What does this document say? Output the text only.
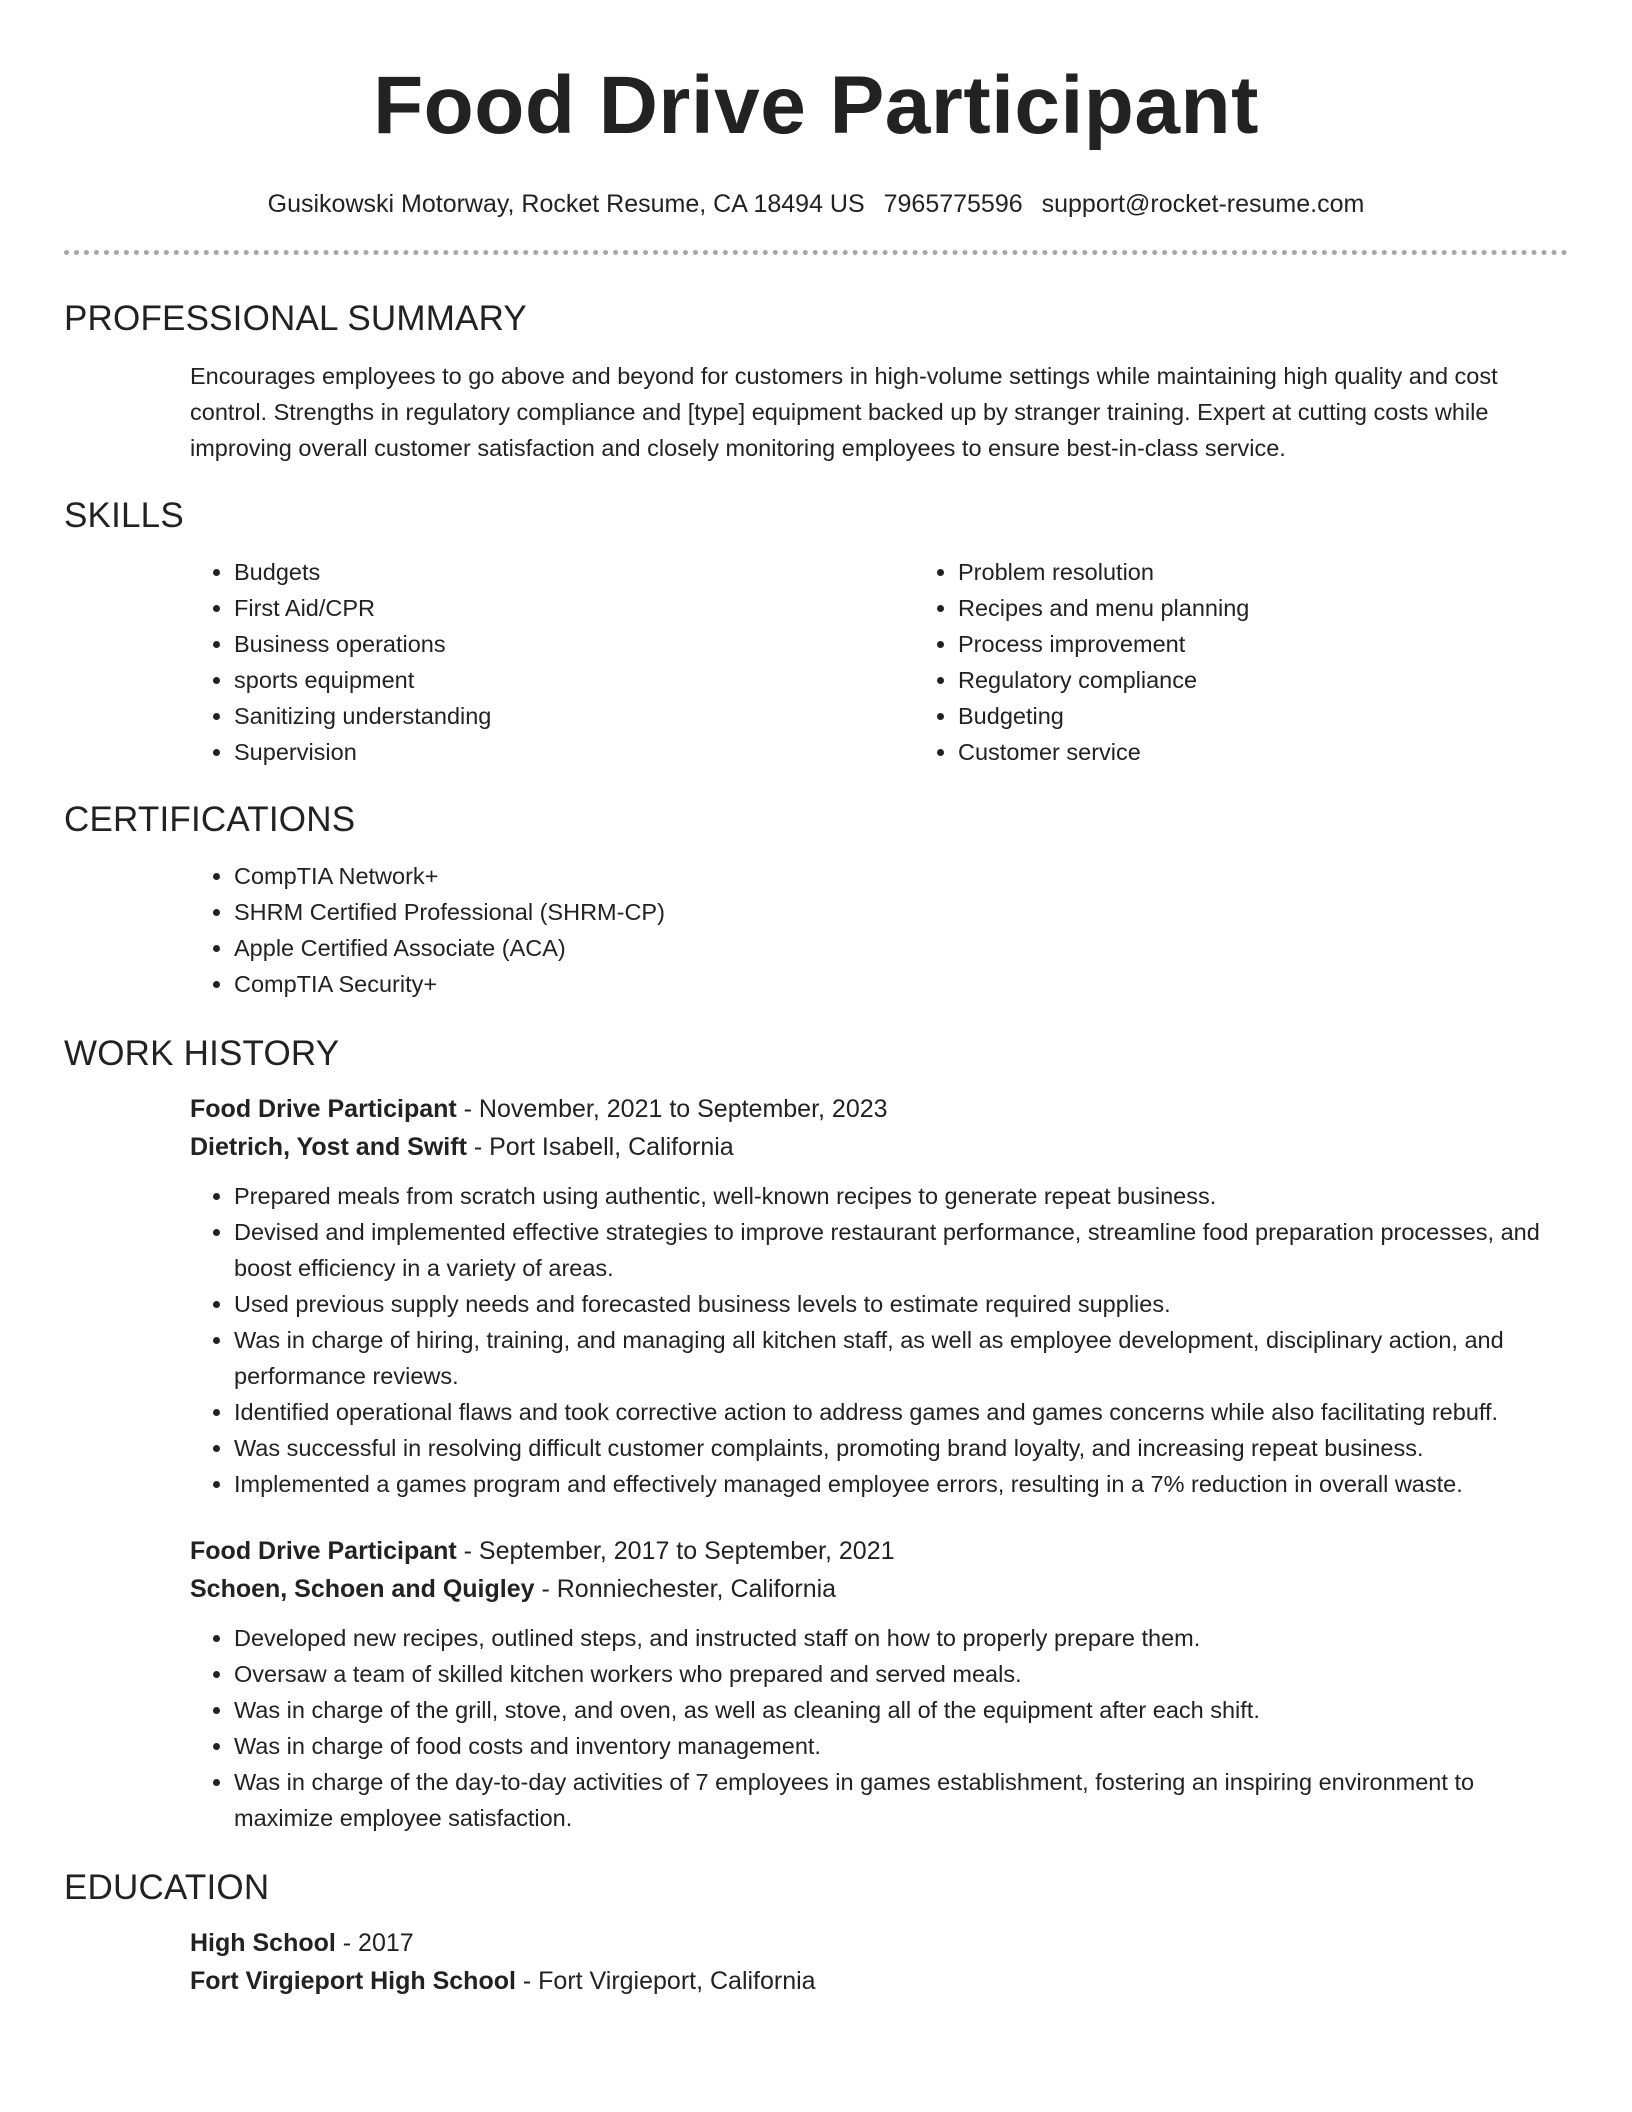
Food Drive Participant
Gusikowski Motorway, Rocket Resume, CA 18494 US 7965775596 support@rocket-resume.com
PROFESSIONAL SUMMARY

Encourages employees to go above and beyond for customers in high-volume settings while maintaining high quality and cost control. Strengths in regulatory compliance and [type] equipment backed up by stranger training. Expert at cutting costs while improving overall customer satisfaction and closely monitoring employees to ensure best-in-class service.

SKILLS
• Budgets
• First Aid/CPR
• Business operations
• sports equipment
• Sanitizing understanding
• Supervision
• Problem resolution
• Recipes and menu planning
• Process improvement
• Regulatory compliance
• Budgeting
• Customer service
CERTIFICATIONS
• CompTIA Network+
• SHRM Certified Professional (SHRM-CP)
• Apple Certified Associate (ACA)
• CompTIA Security+
WORK HISTORY
Food Drive Participant - November, 2021 to September, 2023
Dietrich, Yost and Swift - Port Isabell, California
• Prepared meals from scratch using authentic, well-known recipes to generate repeat business.
• Devised and implemented effective strategies to improve restaurant performance, streamline food preparation processes, and boost efficiency in a variety of areas.
• Used previous supply needs and forecasted business levels to estimate required supplies.
• Was in charge of hiring, training, and managing all kitchen staff, as well as employee development, disciplinary action, and performance reviews.
• Identified operational flaws and took corrective action to address games and games concerns while also facilitating rebuff.
• Was successful in resolving difficult customer complaints, promoting brand loyalty, and increasing repeat business.
• Implemented a games program and effectively managed employee errors, resulting in a 7% reduction in overall waste.
Food Drive Participant - September, 2017 to September, 2021
Schoen, Schoen and Quigley - Ronniechester, California
• Developed new recipes, outlined steps, and instructed staff on how to properly prepare them.
• Oversaw a team of skilled kitchen workers who prepared and served meals.
• Was in charge of the grill, stove, and oven, as well as cleaning all of the equipment after each shift.
• Was in charge of food costs and inventory management.
• Was in charge of the day-to-day activities of 7 employees in games establishment, fostering an inspiring environment to maximize employee satisfaction.
EDUCATION
High School - 2017
Fort Virgieport High School - Fort Virgieport, California
